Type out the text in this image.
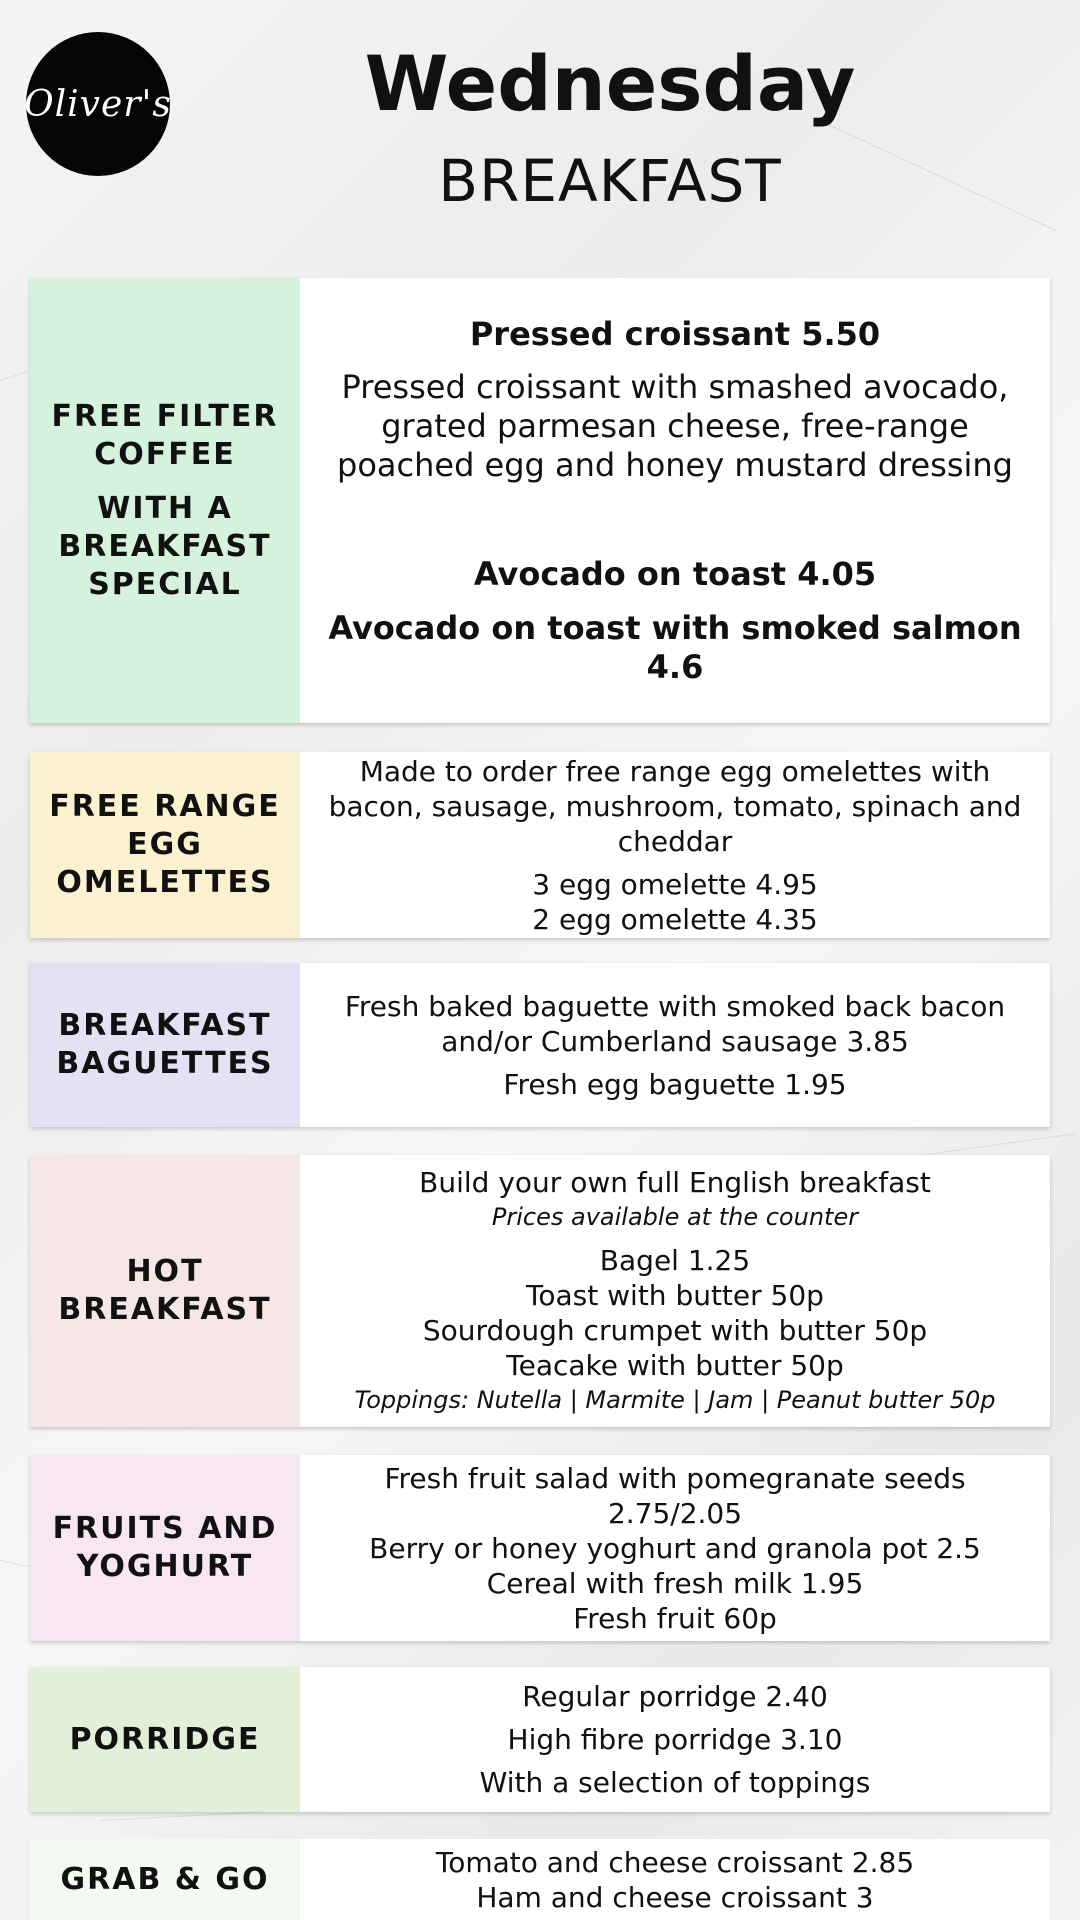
Oliver's	Wednesday
BREAKFAST
FREE FILTER
COFFEE
WITH A
BREAKFAST
SPECIAL
Pressed croissant 5.50
Pressed croissant with smashed avocado, grated parmesan cheese, free-range poached egg and honey mustard dressing
Avocado on toast 4.05
Avocado on toast with smoked salmon 4.6
FREE RANGE
EGG
OMELETTES
Made to order free range egg omelettes with bacon, sausage, mushroom, tomato, spinach and cheddar
3 egg omelette 4.95
2 egg omelette 4.35
BREAKFAST
BAGUETTES
Fresh baked baguette with smoked back bacon and/or Cumberland sausage 3.85
Fresh egg baguette 1.95
HOT
BREAKFAST
Build your own full English breakfast
Prices available at the counter
Bagel 1.25
Toast with butter 50p
Sourdough crumpet with butter 50p
Teacake with butter 50p
Toppings: Nutella | Marmite | Jam | Peanut butter 50p
FRUITS AND
YOGHURT
Fresh fruit salad with pomegranate seeds 2.75/2.05
Berry or honey yoghurt and granola pot 2.5
Cereal with fresh milk 1.95
Fresh fruit 60p
PORRIDGE
Regular porridge 2.40
High fibre porridge 3.10
With a selection of toppings
GRAB & GO	Tomato and cheese croissant 2.85
Ham and cheese croissant 3
